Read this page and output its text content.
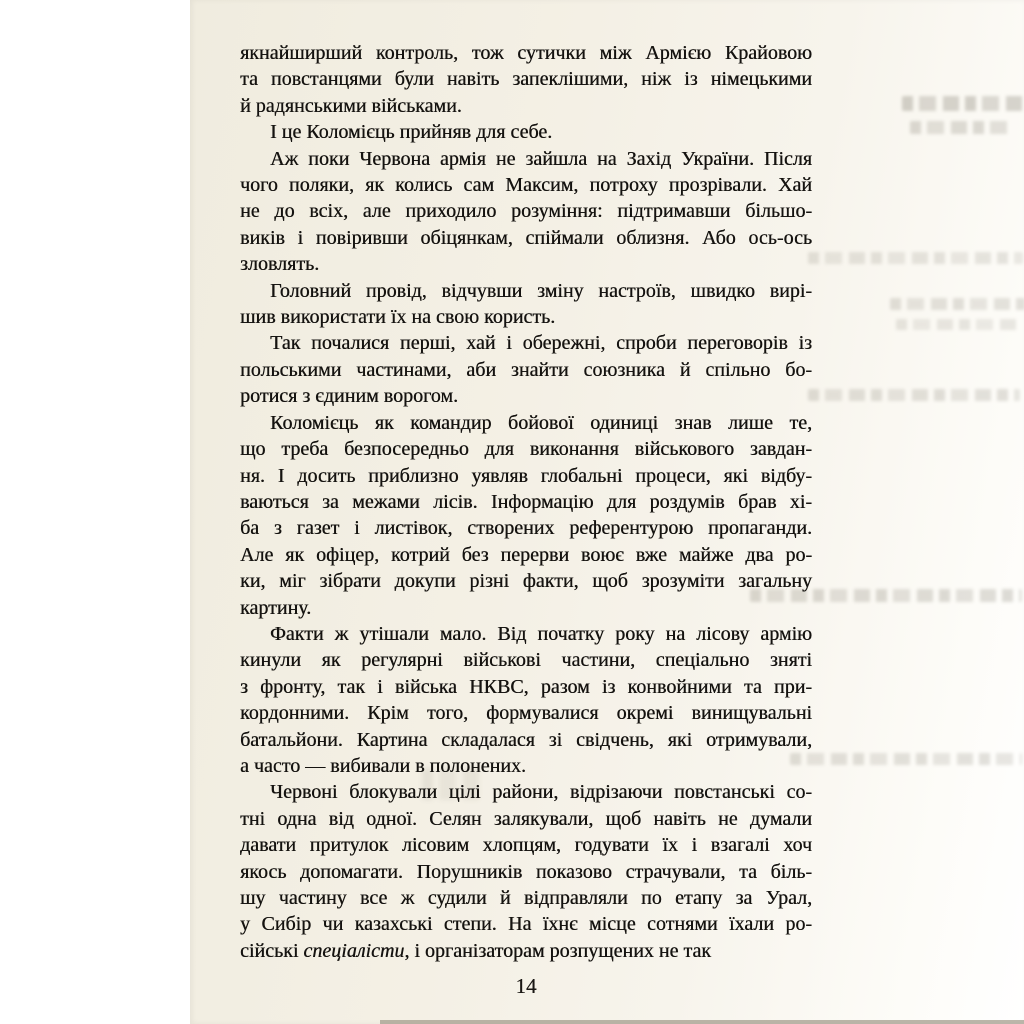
якнайширший контроль, тож сутички між Армією Крайовою
та повстанцями були навіть запеклішими, ніж із німецькими
й радянськими військами.
І це Коломієць прийняв для себе.
Аж поки Червона армія не зайшла на Захід України. Після
чого поляки, як колись сам Максим, потроху прозрівали. Хай
не до всіх, але приходило розуміння: підтримавши більшо-
виків і повіривши обіцянкам, спіймали облизня. Або ось-ось
зловлять.
Головний провід, відчувши зміну настроїв, швидко вирі-
шив використати їх на свою користь.
Так почалися перші, хай і обережні, спроби переговорів із
польськими частинами, аби знайти союзника й спільно бо-
ротися з єдиним ворогом.
Коломієць як командир бойової одиниці знав лише те,
що треба безпосередньо для виконання військового завдан-
ня. І досить приблизно уявляв глобальні процеси, які відбу-
ваються за межами лісів. Інформацію для роздумів брав хі-
ба з газет і листівок, створених референтурою пропаганди.
Але як офіцер, котрий без перерви воює вже майже два ро-
ки, міг зібрати докупи різні факти, щоб зрозуміти загальну
картину.
Факти ж утішали мало. Від початку року на лісову армію
кинули як регулярні військові частини, спеціально зняті
з фронту, так і війська НКВС, разом із конвойними та при-
кордонними. Крім того, формувалися окремі винищувальні
батальйони. Картина складалася зі свідчень, які отримували,
а часто — вибивали в полонених.
Червоні блокували цілі райони, відрізаючи повстанські со-
тні одна від одної. Селян залякували, щоб навіть не думали
давати притулок лісовим хлопцям, годувати їх і взагалі хоч
якось допомагати. Порушників показово страчували, та біль-
шу частину все ж судили й відправляли по етапу за Урал,
у Сибір чи казахські степи. На їхнє місце сотнями їхали ро-
сійські спеціалісти, і організаторам розпущених не так
14
